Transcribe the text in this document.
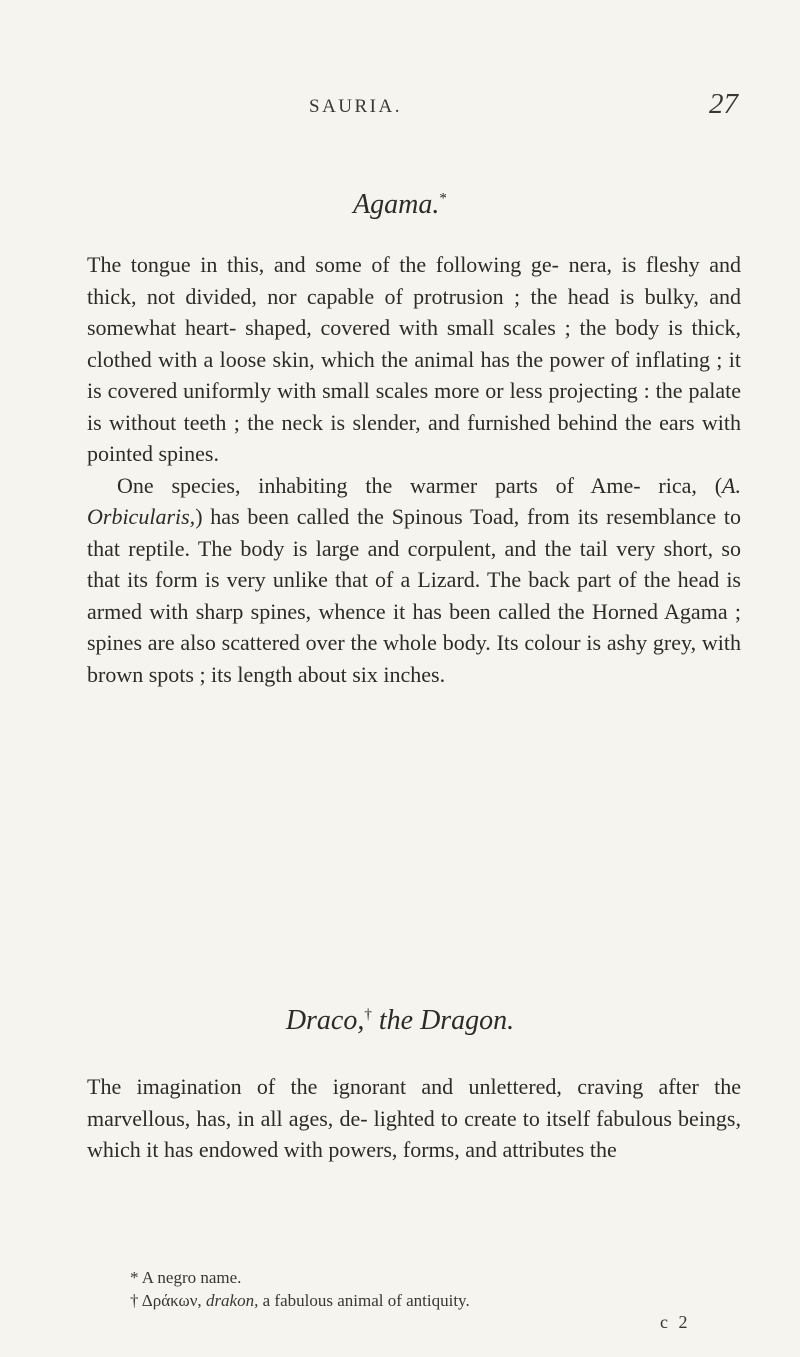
SAURIA.	27
Agama.*

The tongue in this, and some of the following ge- nera, is fleshy and thick, not divided, nor capable of protrusion ; the head is bulky, and somewhat heart- shaped, covered with small scales ; the body is thick, clothed with a loose skin, which the animal has the power of inflating ; it is covered uniformly with small scales more or less projecting : the palate is without teeth ; the neck is slender, and furnished behind the ears with pointed spines.

One species, inhabiting the warmer parts of Ame- rica, (A. Orbicularis,) has been called the Spinous Toad, from its resemblance to that reptile. The body is large and corpulent, and the tail very short, so that its form is very unlike that of a Lizard. The back part of the head is armed with sharp spines, whence it has been called the Horned Agama ; spines are also scattered over the whole body. Its colour is ashy grey, with brown spots ; its length about six inches.

Draco,† the Dragon.

The imagination of the ignorant and unlettered, craving after the marvellous, has, in all ages, de- lighted to create to itself fabulous beings, which it has endowed with powers, forms, and attributes the

* A negro name.

† Δράκων, drakon, a fabulous animal of antiquity.

c 2
